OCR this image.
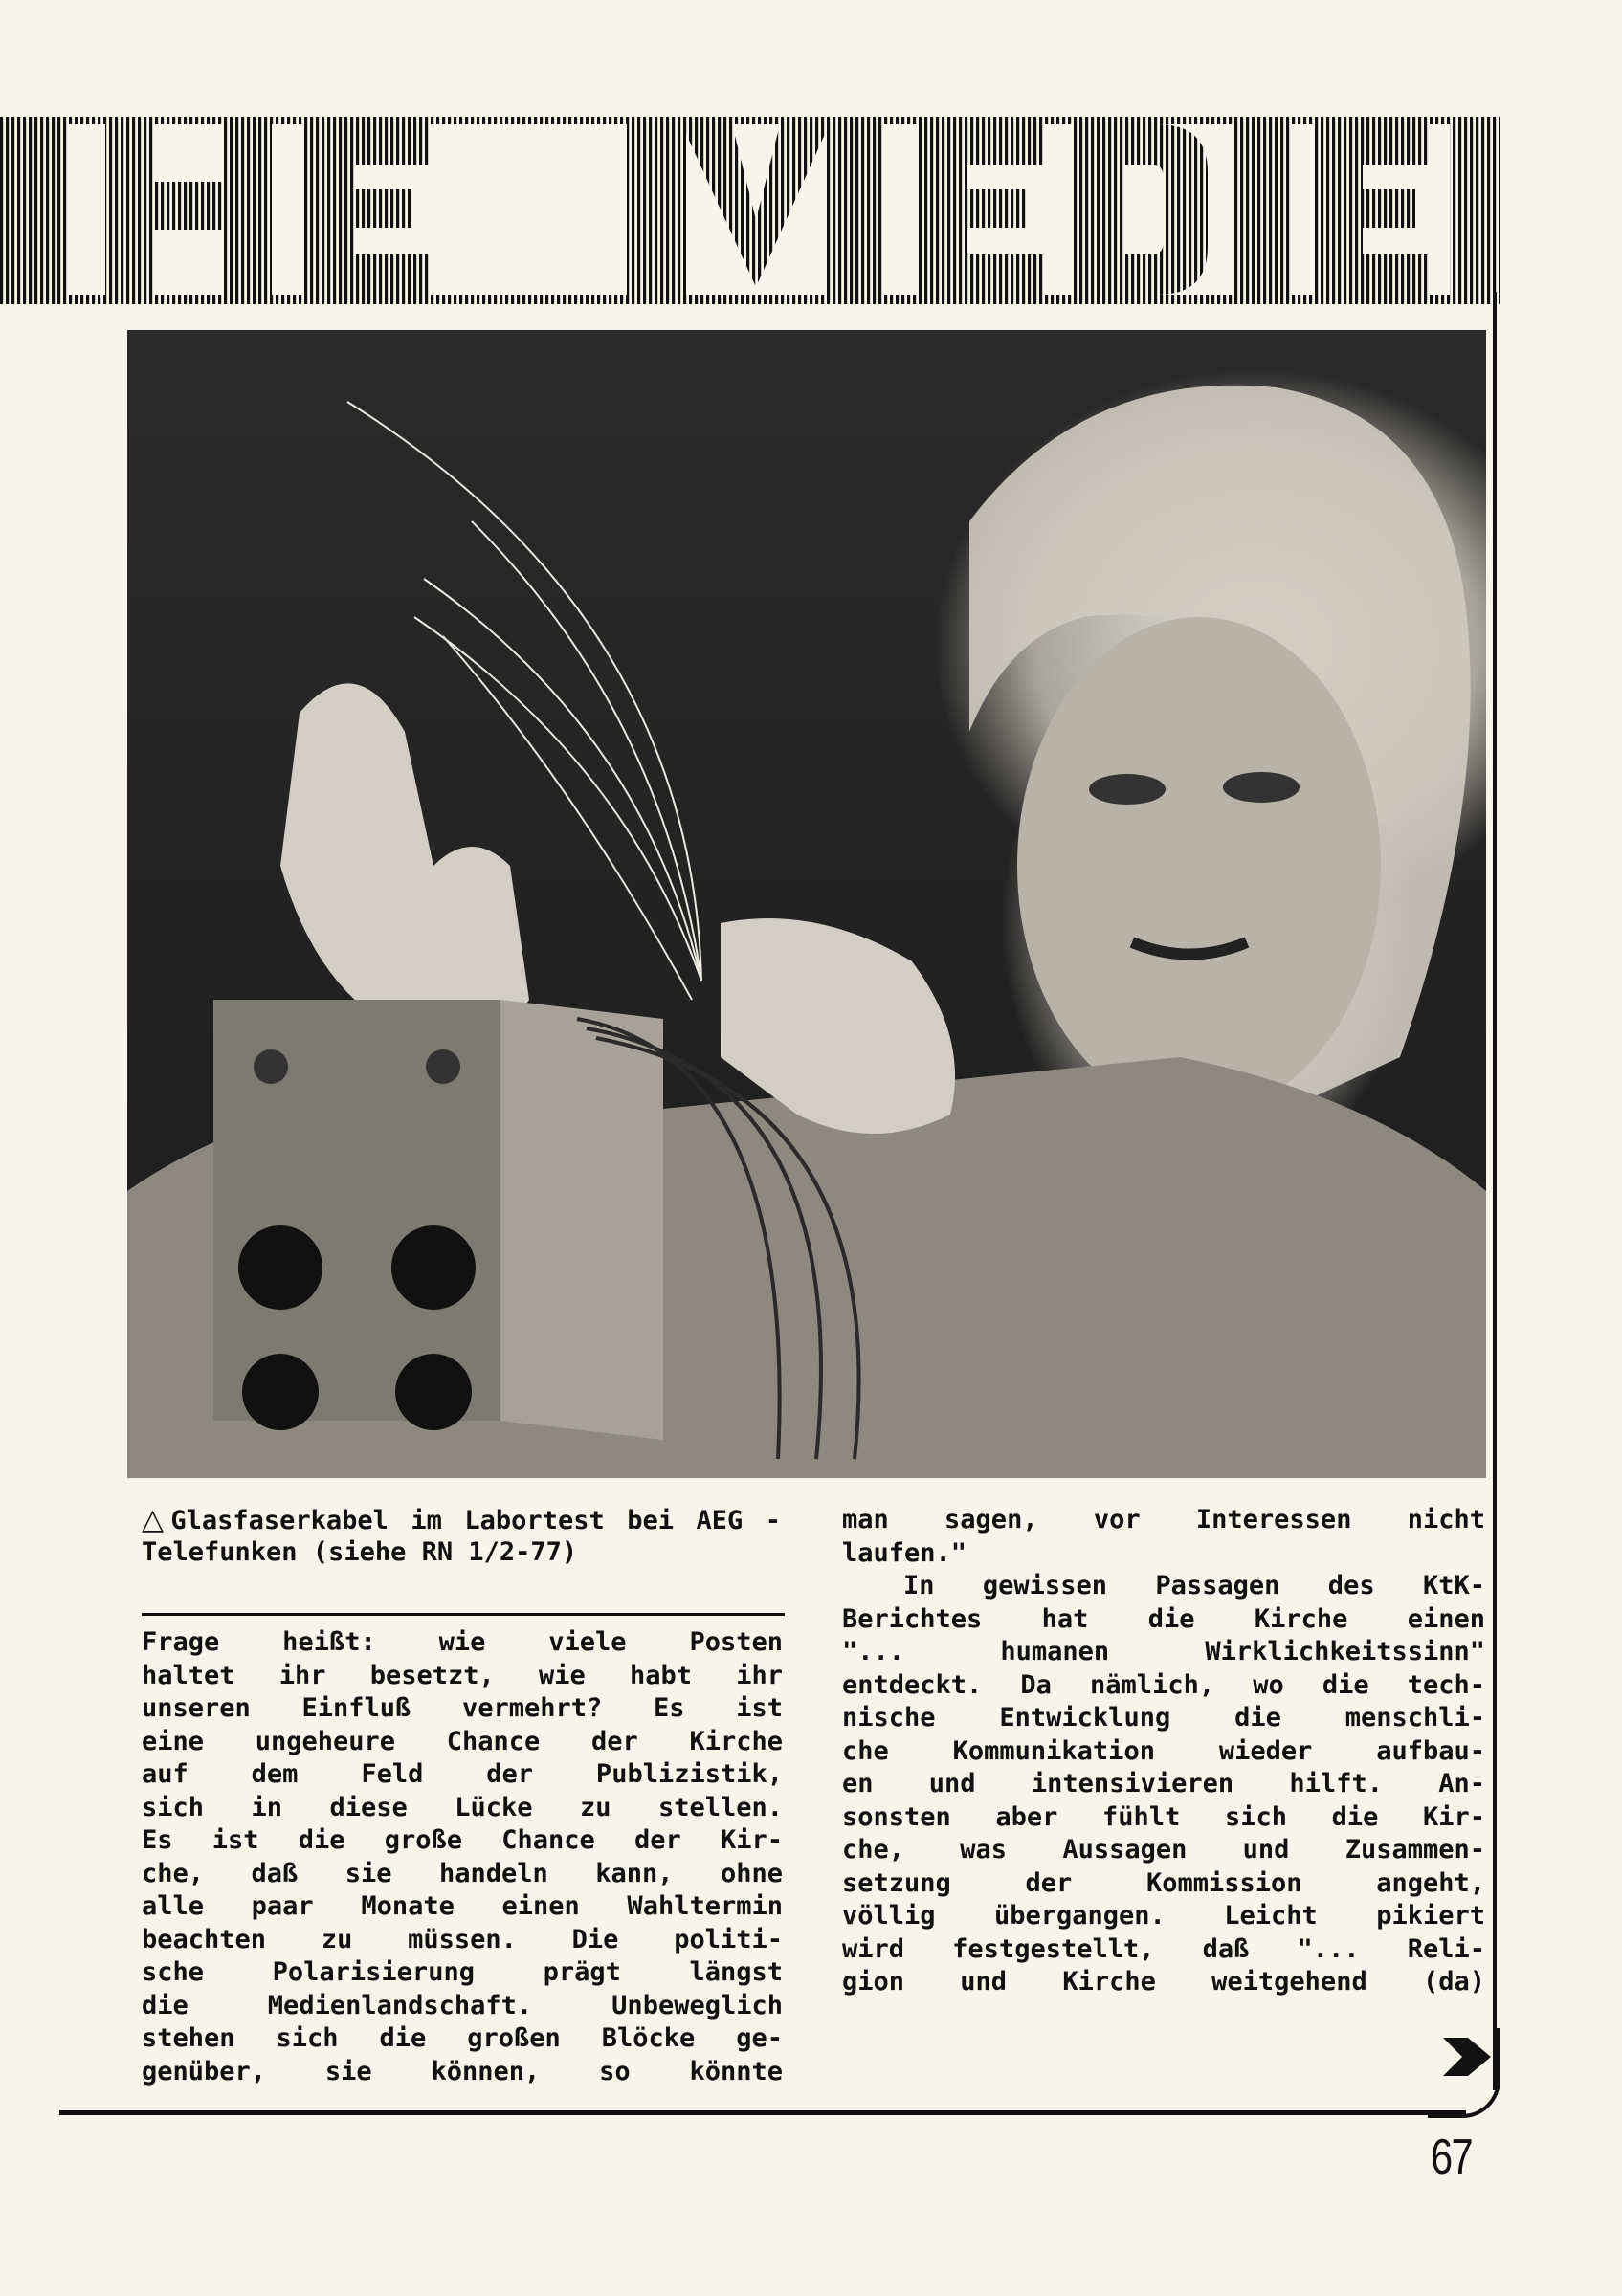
△Glasfaserkabel im Labortest bei AEG - Telefunken (siehe RN 1/2-77)
Frage heißt: wie viele Posten
haltet ihr besetzt, wie habt ihr
unseren Einfluß vermehrt? Es ist
eine ungeheure Chance der Kirche
auf dem Feld der Publizistik,
sich in diese Lücke zu stellen.
Es ist die große Chance der Kir-
che, daß sie handeln kann, ohne
alle paar Monate einen Wahltermin
beachten zu müssen. Die politi-
sche Polarisierung prägt längst
die Medienlandschaft. Unbeweglich
stehen sich die großen Blöcke ge-
genüber, sie können, so könnte
man sagen, vor Interessen nicht
laufen."
In gewissen Passagen des KtK-
Berichtes hat die Kirche einen
"... humanen Wirklichkeitssinn"
entdeckt. Da nämlich, wo die tech-
nische Entwicklung die menschli-
che Kommunikation wieder aufbau-
en und intensivieren hilft. An-
sonsten aber fühlt sich die Kir-
che, was Aussagen und Zusammen-
setzung der Kommission angeht,
völlig übergangen. Leicht pikiert
wird festgestellt, daß "... Reli-
gion und Kirche weitgehend (da)
67
